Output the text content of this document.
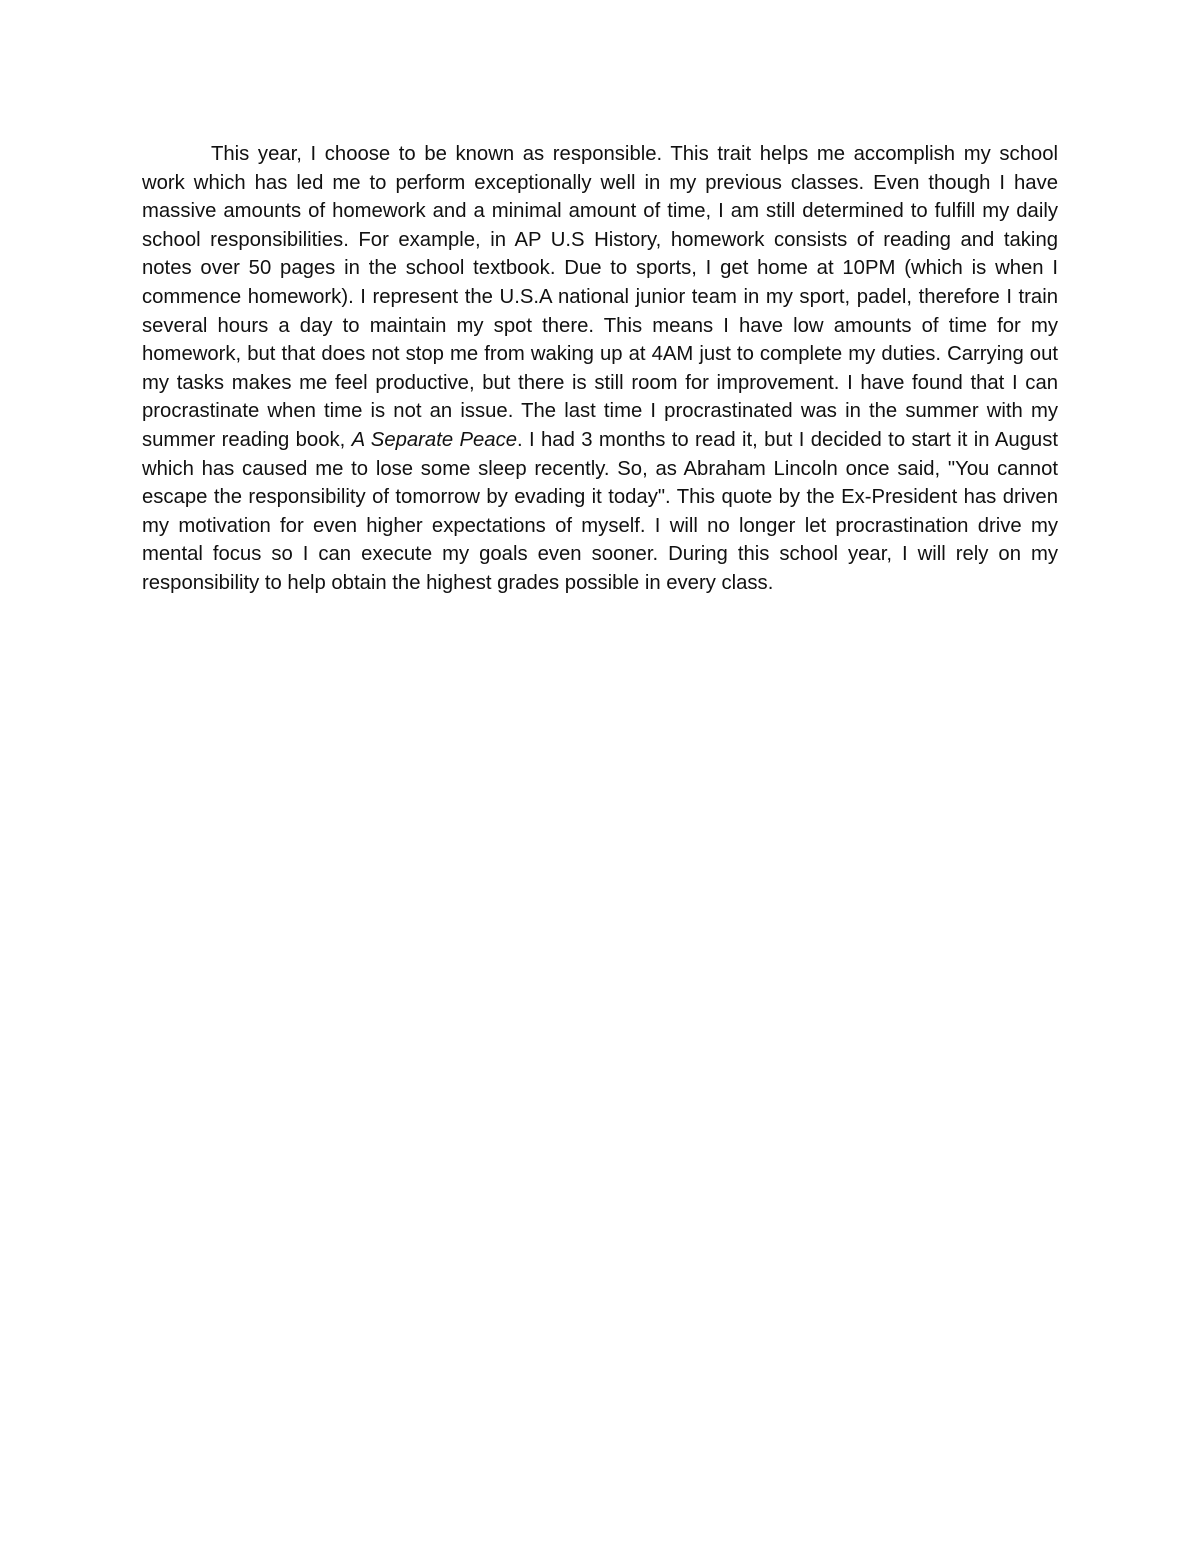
This year, I choose to be known as responsible. This trait helps me accomplish my school work which has led me to perform exceptionally well in my previous classes. Even though I have massive amounts of homework and a minimal amount of time, I am still determined to fulfill my daily school responsibilities. For example, in AP U.S History, homework consists of reading and taking notes over 50 pages in the school textbook. Due to sports, I get home at 10PM (which is when I commence homework). I represent the U.S.A national junior team in my sport, padel, therefore I train several hours a day to maintain my spot there. This means I have low amounts of time for my homework, but that does not stop me from waking up at 4AM just to complete my duties. Carrying out my tasks makes me feel productive, but there is still room for improvement. I have found that I can procrastinate when time is not an issue. The last time I procrastinated was in the summer with my summer reading book, A Separate Peace. I had 3 months to read it, but I decided to start it in August which has caused me to lose some sleep recently. So, as Abraham Lincoln once said, "You cannot escape the responsibility of tomorrow by evading it today". This quote by the Ex-President has driven my motivation for even higher expectations of myself. I will no longer let procrastination drive my mental focus so I can execute my goals even sooner. During this school year, I will rely on my responsibility to help obtain the highest grades possible in every class.
